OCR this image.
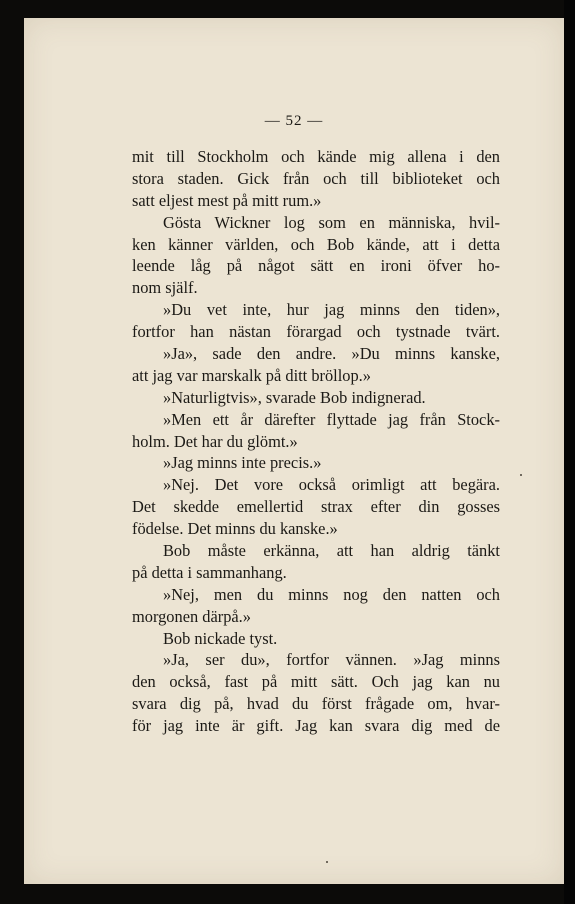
— 52 —
mit till Stockholm och kände mig allena i den
stora staden. Gick från och till biblioteket och
satt eljest mest på mitt rum.»
Gösta Wickner log som en människa, hvil-
ken känner världen, och Bob kände, att i detta
leende låg på något sätt en ironi öfver ho-
nom själf.
»Du vet inte, hur jag minns den tiden»,
fortfor han nästan förargad och tystnade tvärt.
»Ja», sade den andre. »Du minns kanske,
att jag var marskalk på ditt bröllop.»
»Naturligtvis», svarade Bob indignerad.
»Men ett år därefter flyttade jag från Stock-
holm. Det har du glömt.»
»Jag minns inte precis.»
»Nej. Det vore också orimligt att begära.
Det skedde emellertid strax efter din gosses
födelse. Det minns du kanske.»
Bob måste erkänna, att han aldrig tänkt
på detta i sammanhang.
»Nej, men du minns nog den natten och
morgonen därpå.»
Bob nickade tyst.
»Ja, ser du», fortfor vännen. »Jag minns
den också, fast på mitt sätt. Och jag kan nu
svara dig på, hvad du först frågade om, hvar-
för jag inte är gift. Jag kan svara dig med de
